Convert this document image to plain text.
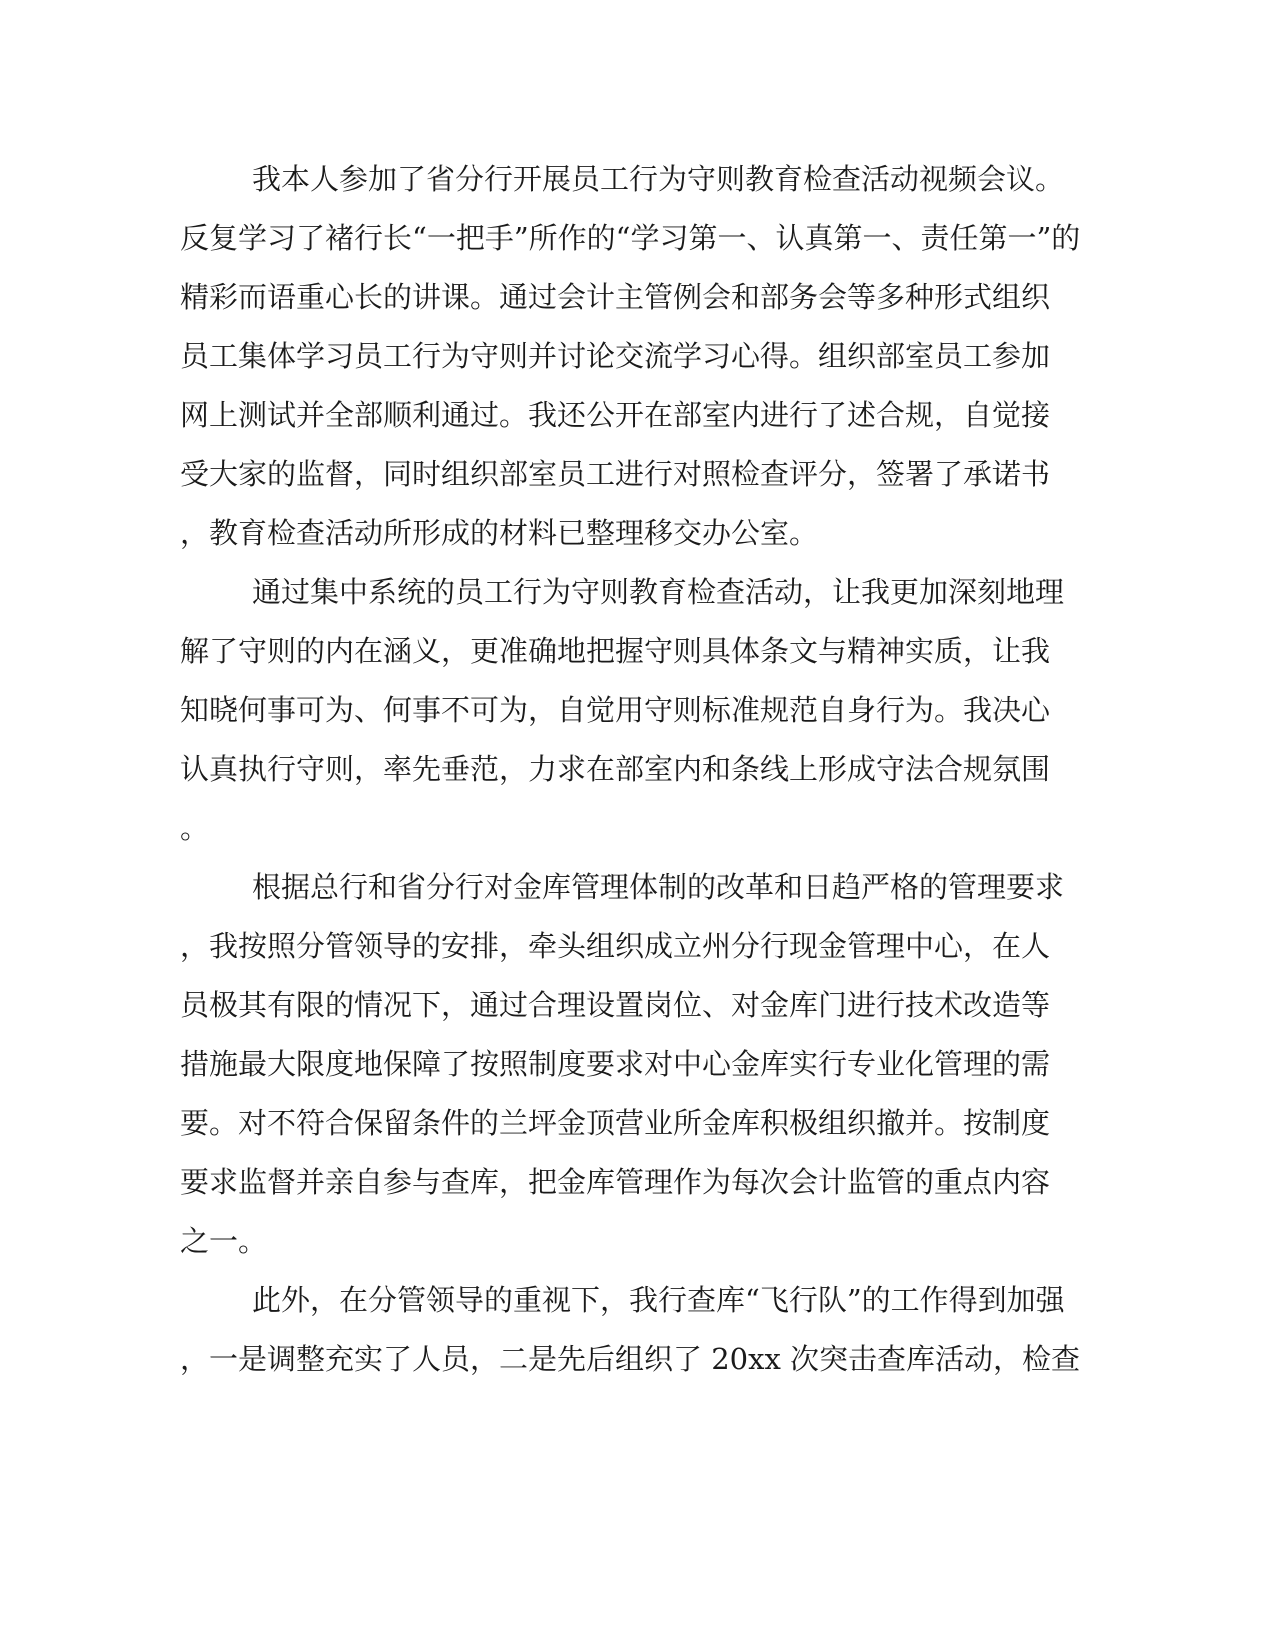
我本人参加了省分行开展员工行为守则教育检查活动视频会议。
反复学习了褚行长“一把手”所作的“学习第一、认真第一、责任第一”的
精彩而语重心长的讲课。通过会计主管例会和部务会等多种形式组织
员工集体学习员工行为守则并讨论交流学习心得。组织部室员工参加
网上测试并全部顺利通过。我还公开在部室内进行了述合规，自觉接
受大家的监督，同时组织部室员工进行对照检查评分，签署了承诺书
，教育检查活动所形成的材料已整理移交办公室。
通过集中系统的员工行为守则教育检查活动，让我更加深刻地理
解了守则的内在涵义，更准确地把握守则具体条文与精神实质，让我
知晓何事可为、何事不可为，自觉用守则标准规范自身行为。我决心
认真执行守则，率先垂范，力求在部室内和条线上形成守法合规氛围
。
根据总行和省分行对金库管理体制的改革和日趋严格的管理要求
，我按照分管领导的安排，牵头组织成立州分行现金管理中心，在人
员极其有限的情况下，通过合理设置岗位、对金库门进行技术改造等
措施最大限度地保障了按照制度要求对中心金库实行专业化管理的需
要。对不符合保留条件的兰坪金顶营业所金库积极组织撤并。按制度
要求监督并亲自参与查库，把金库管理作为每次会计监管的重点内容
之一。
此外，在分管领导的重视下，我行查库“飞行队”的工作得到加强
，一是调整充实了人员，二是先后组织了 20xx 次突击查库活动，检查
